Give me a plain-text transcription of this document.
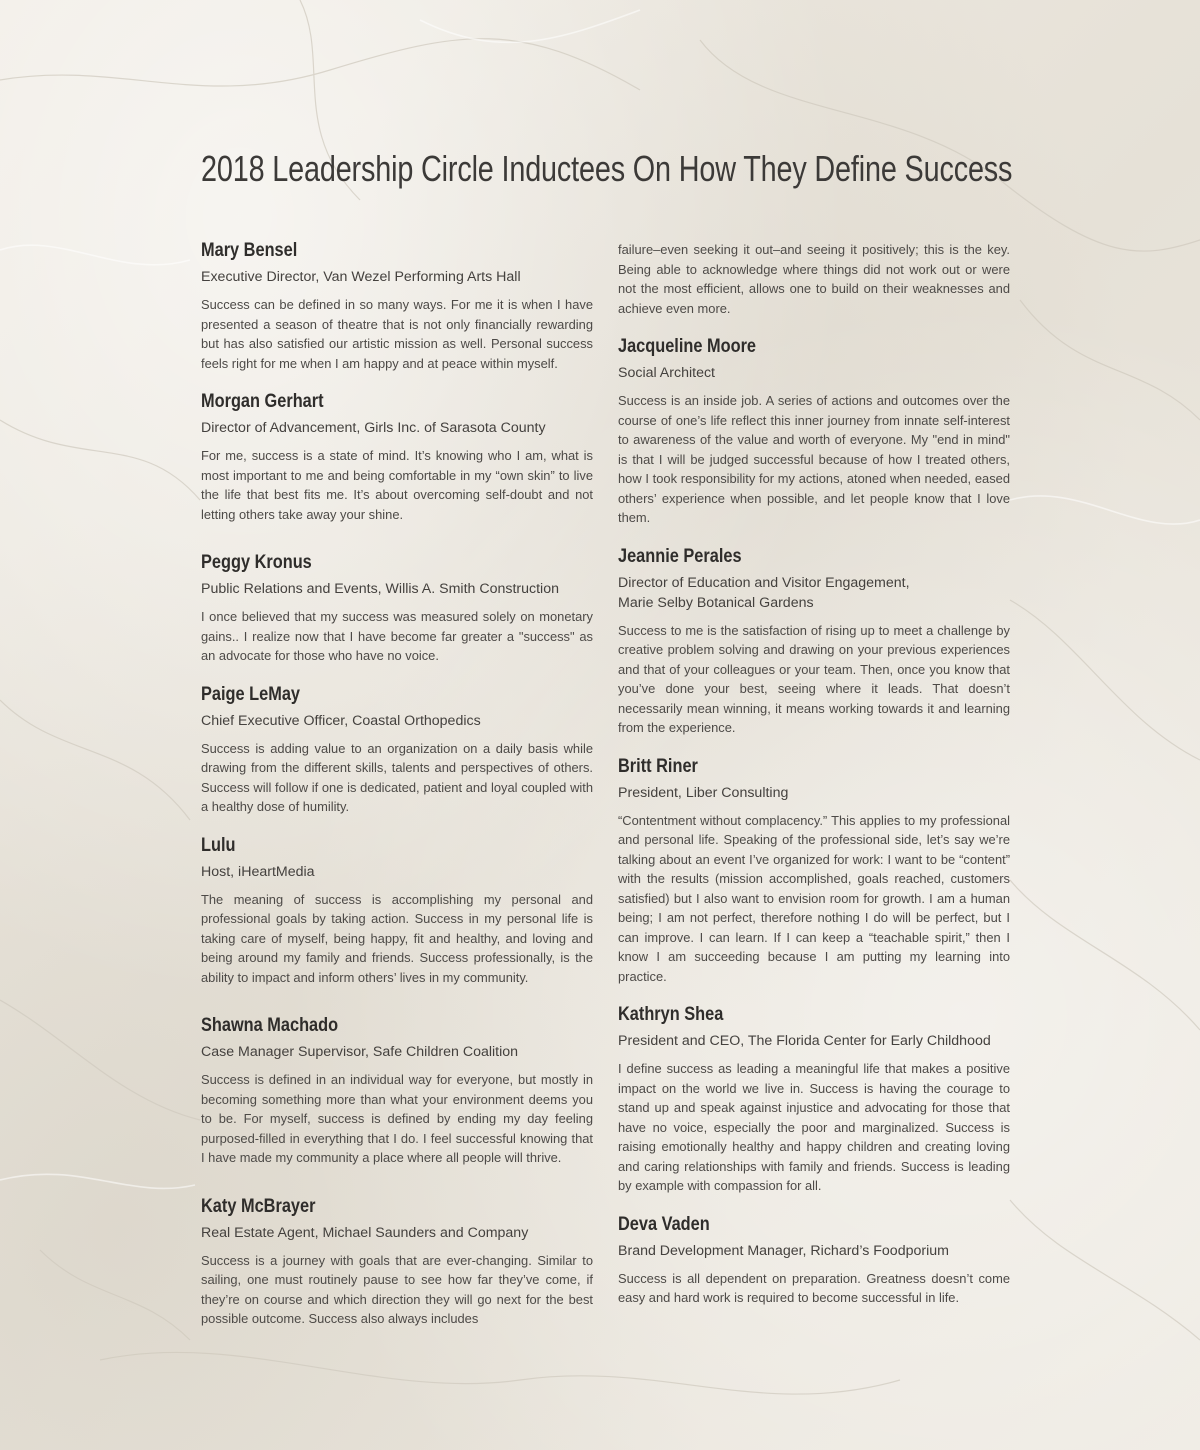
2018 Leadership Circle Inductees On How They Define Success
Mary Bensel
Executive Director, Van Wezel Performing Arts Hall

Success can be defined in so many ways. For me it is when I have presented a season of theatre that is not only financially rewarding but has also satisfied our artistic mission as well. Personal success feels right for me when I am happy and at peace within myself.

Morgan Gerhart
Director of Advancement, Girls Inc. of Sarasota County

For me, success is a state of mind. It’s knowing who I am, what is most important to me and being comfortable in my “own skin” to live the life that best fits me. It’s about overcoming self-doubt and not letting others take away your shine.

Peggy Kronus
Public Relations and Events, Willis A. Smith Construction

I once believed that my success was measured solely on monetary gains.. I realize now that I have become far greater a "success" as an advocate for those who have no voice.

Paige LeMay
Chief Executive Officer, Coastal Orthopedics

Success is adding value to an organization on a daily basis while drawing from the different skills, talents and perspectives of others. Success will follow if one is dedicated, patient and loyal coupled with a healthy dose of humility.

Lulu
Host, iHeartMedia

The meaning of success is accomplishing my personal and professional goals by taking action. Success in my personal life is taking care of myself, being happy, fit and healthy, and loving and being around my family and friends. Success professionally, is the ability to impact and inform others’ lives in my community.

Shawna Machado
Case Manager Supervisor, Safe Children Coalition

Success is defined in an individual way for everyone, but mostly in becoming something more than what your environment deems you to be. For myself, success is defined by ending my day feeling purposed-filled in everything that I do. I feel successful knowing that I have made my community a place where all people will thrive.

Katy McBrayer
Real Estate Agent, Michael Saunders and Company

Success is a journey with goals that are ever-changing. Similar to sailing, one must routinely pause to see how far they’ve come, if they’re on course and which direction they will go next for the best possible outcome. Success also always includes

failure–even seeking it out–and seeing it positively; this is the key. Being able to acknowledge where things did not work out or were not the most efficient, allows one to build on their weaknesses and achieve even more.

Jacqueline Moore
Social Architect

Success is an inside job. A series of actions and outcomes over the course of one’s life reflect this inner journey from innate self-interest to awareness of the value and worth of everyone. My "end in mind" is that I will be judged successful because of how I treated others, how I took responsibility for my actions, atoned when needed, eased others’ experience when possible, and let people know that I love them.

Jeannie Perales
Director of Education and Visitor Engagement,
Marie Selby Botanical Gardens

Success to me is the satisfaction of rising up to meet a challenge by creative problem solving and drawing on your previous experiences and that of your colleagues or your team. Then, once you know that you’ve done your best, seeing where it leads. That doesn’t necessarily mean winning, it means working towards it and learning from the experience.

Britt Riner
President, Liber Consulting

“Contentment without complacency.” This applies to my professional and personal life. Speaking of the professional side, let’s say we’re talking about an event I’ve organized for work: I want to be “content” with the results (mission accomplished, goals reached, customers satisfied) but I also want to envision room for growth. I am a human being; I am not perfect, therefore nothing I do will be perfect, but I can improve. I can learn. If I can keep a “teachable spirit,” then I know I am succeeding because I am putting my learning into practice.

Kathryn Shea
President and CEO, The Florida Center for Early Childhood

I define success as leading a meaningful life that makes a positive impact on the world we live in. Success is having the courage to stand up and speak against injustice and advocating for those that have no voice, especially the poor and marginalized. Success is raising emotionally healthy and happy children and creating loving and caring relationships with family and friends. Success is leading by example with compassion for all.

Deva Vaden
Brand Development Manager, Richard’s Foodporium

Success is all dependent on preparation. Greatness doesn’t come easy and hard work is required to become successful in life.
